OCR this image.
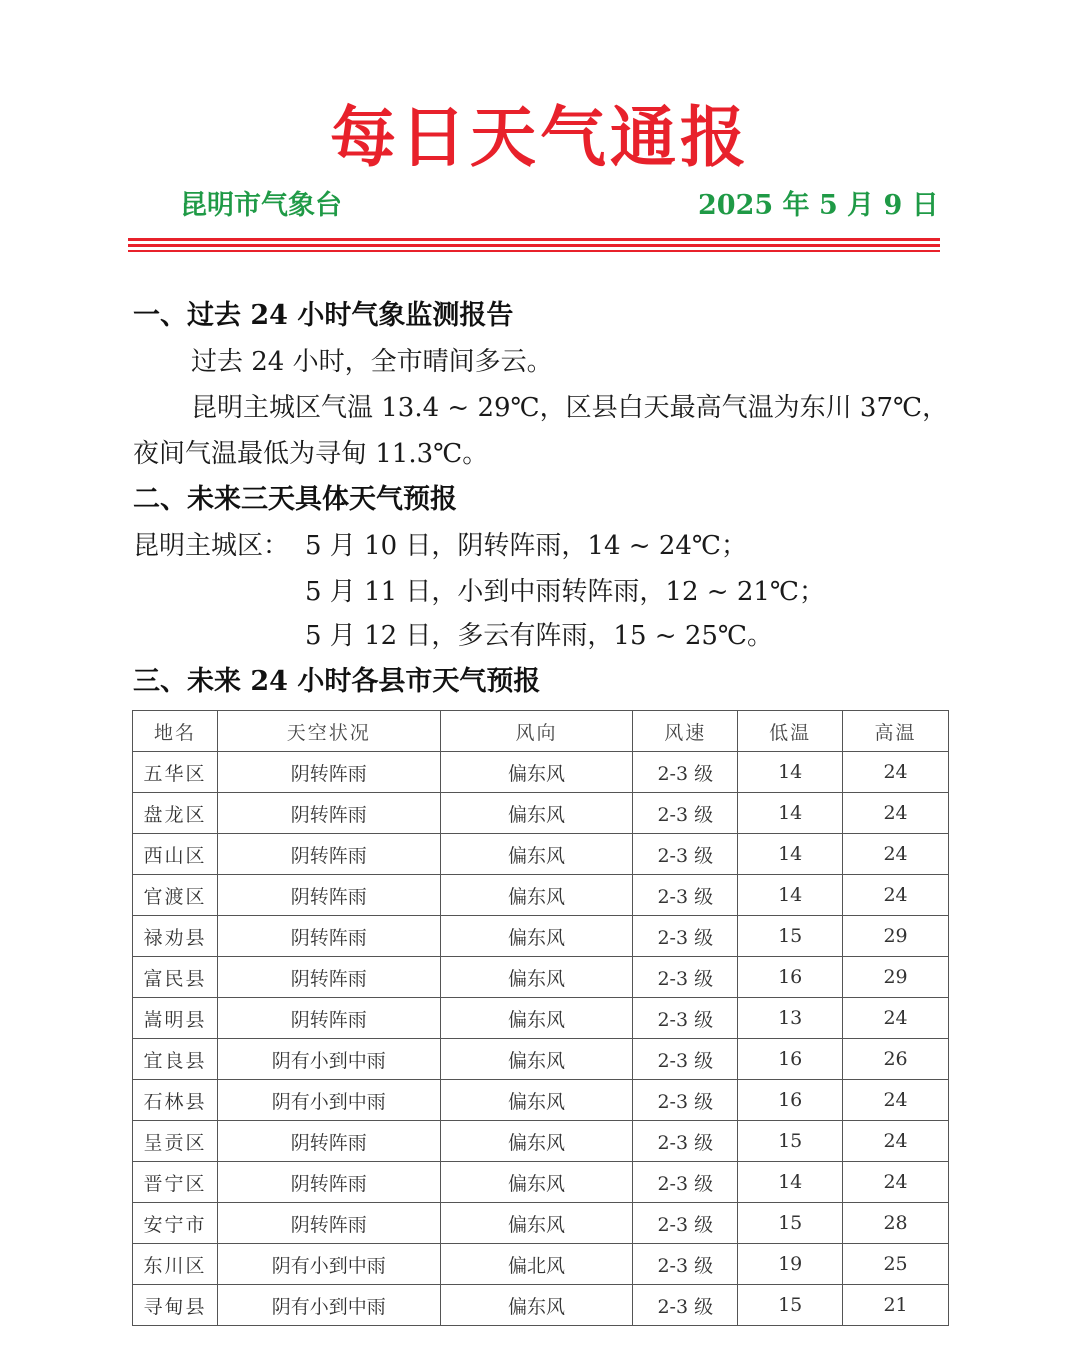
每日天气通报
昆明市气象台	2025 年 5 月 9 日
一、过去 24 小时气象监测报告
过去 24 小时，全市晴间多云。
昆明主城区气温 13.4 ~ 29℃，区县白天最高气温为东川 37℃，
夜间气温最低为寻甸 11.3℃。
二、未来三天具体天气预报
昆明主城区： 5 月 10 日，阴转阵雨，14 ~ 24℃；
5 月 11 日，小到中雨转阵雨，12 ~ 21℃；
5 月 12 日，多云有阵雨，15 ~ 25℃。
三、未来 24 小时各县市天气预报
地名	天空状况	风向	风速	低温	高温
五华区	阴转阵雨	偏东风	2-3 级	14	24
盘龙区	阴转阵雨	偏东风	2-3 级	14	24
西山区	阴转阵雨	偏东风	2-3 级	14	24
官渡区	阴转阵雨	偏东风	2-3 级	14	24
禄劝县	阴转阵雨	偏东风	2-3 级	15	29
富民县	阴转阵雨	偏东风	2-3 级	16	29
嵩明县	阴转阵雨	偏东风	2-3 级	13	24
宜良县	阴有小到中雨	偏东风	2-3 级	16	26
石林县	阴有小到中雨	偏东风	2-3 级	16	24
呈贡区	阴转阵雨	偏东风	2-3 级	15	24
晋宁区	阴转阵雨	偏东风	2-3 级	14	24
安宁市	阴转阵雨	偏东风	2-3 级	15	28
东川区	阴有小到中雨	偏北风	2-3 级	19	25
寻甸县	阴有小到中雨	偏东风	2-3 级	15	21
